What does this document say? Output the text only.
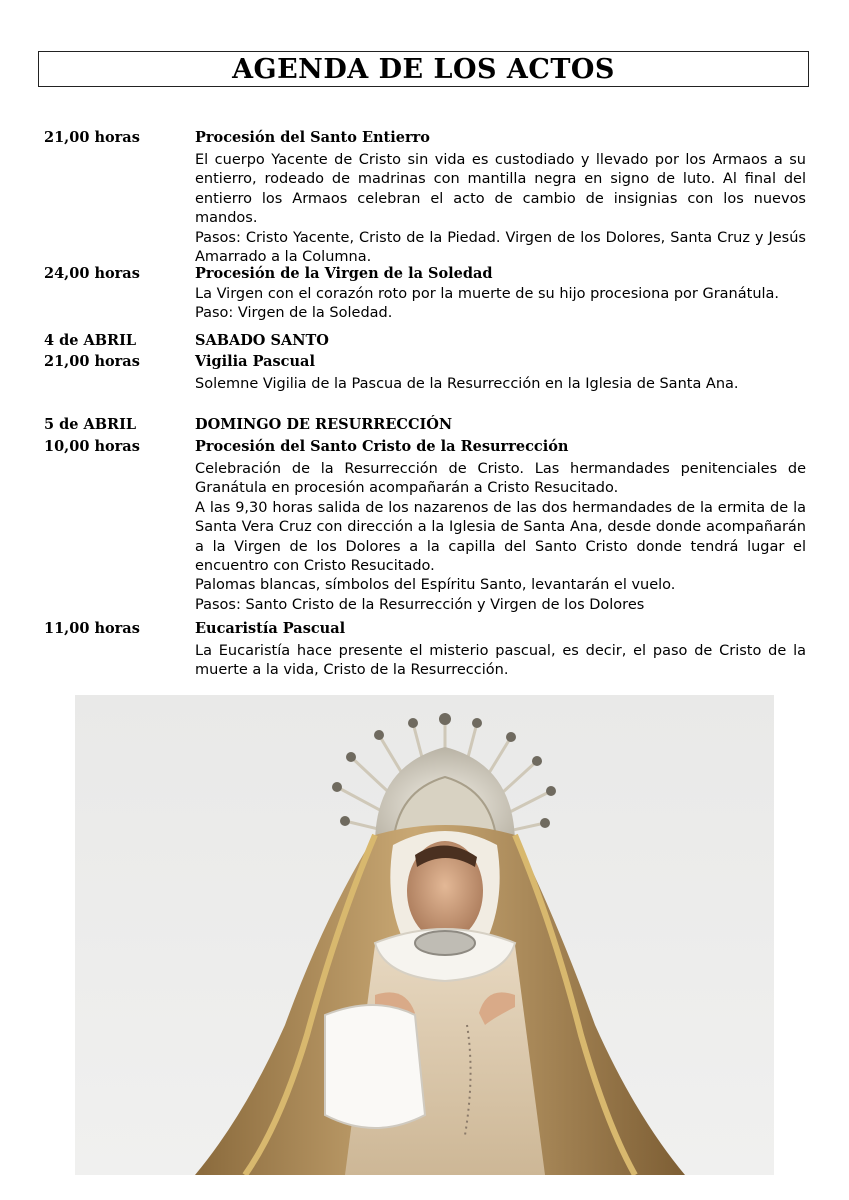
AGENDA DE LOS ACTOS
21,00 horas	Procesión del Santo Entierro

El cuerpo Yacente de Cristo sin vida es custodiado y llevado por los Armaos a su

entierro, rodeado de madrinas con mantilla negra en signo de luto. Al final del

entierro los Armaos celebran el acto de cambio de insignias con los nuevos mandos.

Pasos: Cristo Yacente, Cristo de la Piedad. Virgen de los Dolores, Santa Cruz y Jesús

Amarrado a la Columna.

24,00 horas	Procesión de la Virgen de la Soledad

La Virgen con el corazón roto por la muerte de su hijo procesiona por Granátula.

Paso: Virgen de la Soledad.

4 de ABRIL	SABADO SANTO
21,00 horas	Vigilia Pascual

Solemne Vigilia de la Pascua de la Resurrección en la Iglesia de Santa Ana.

5 de ABRIL	DOMINGO DE RESURRECCIÓN
10,00 horas	Procesión del Santo Cristo de la Resurrección

Celebración de la Resurrección de Cristo. Las hermandades penitenciales de

Granátula en procesión acompañarán a Cristo Resucitado.

A las 9,30 horas salida de los nazarenos de las dos hermandades de la ermita de la

Santa Vera Cruz con dirección a la Iglesia de Santa Ana, desde donde acompañarán

a la Virgen de los Dolores a la capilla del Santo Cristo donde tendrá lugar el

encuentro con Cristo Resucitado.

Palomas blancas, símbolos del Espíritu Santo, levantarán el vuelo.

Pasos: Santo Cristo de la Resurrección y Virgen de los Dolores

11,00 horas	Eucaristía Pascual

La Eucaristía hace presente el misterio pascual, es decir, el paso de Cristo de la

muerte a la vida, Cristo de la Resurrección.
